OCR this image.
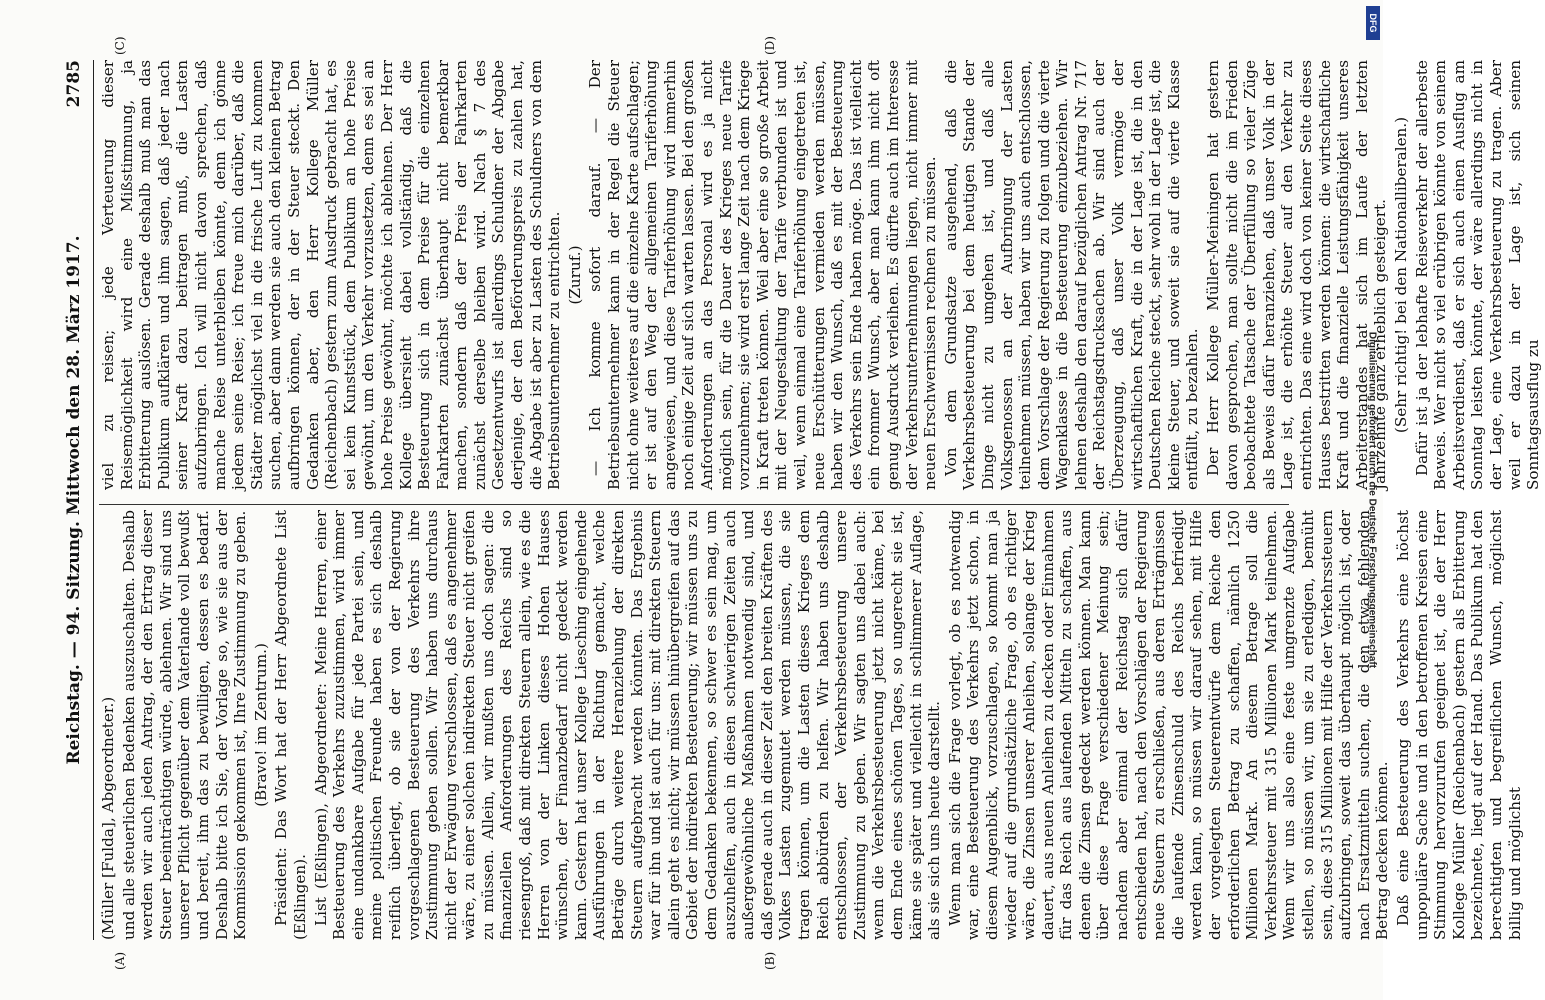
Reichstag. — 94. Sitzung. Mittwoch den 28. März 1917.
2785
(A)	(B)
(C)	(D)

(Müller [Fulda], Abgeordneter.) und alle steuerlichen Bedenken auszuschalten. Deshalb werden wir auch jeden Antrag, der den Ertrag dieser Steuer beeinträchtigen würde, ablehnen. Wir sind uns unserer Pflicht gegenüber dem Vaterlande voll bewußt und bereit, ihm das zu bewilligen, dessen es bedarf. Deshalb bitte ich Sie, der Vorlage so, wie sie aus der Kommission gekommen ist, Ihre Zustimmung zu geben. (Bravo! im Zentrum.) Präsident: Das Wort hat der Herr Abgeordnete List (Eßlingen). List (Eßlingen), Abgeordneter: Meine Herren, einer Besteuerung des Verkehrs zuzustimmen, wird immer eine undankbare Aufgabe für jede Partei sein, und meine politischen Freunde haben es sich deshalb reiflich überlegt, ob sie der von der Regierung vorgeschlagenen Besteuerung des Verkehrs ihre Zustimmung geben sollen. Wir haben uns durchaus nicht der Erwägung verschlossen, daß es angenehmer wäre, zu einer solchen indirekten Steuer nicht greifen zu müssen. Allein, wir mußten uns doch sagen: die finanziellen Anforderungen des Reichs sind so riesengroß, daß mit direkten Steuern allein, wie es die Herren von der Linken dieses Hohen Hauses wünschen, der Finanzbedarf nicht gedeckt werden kann. Gestern hat unser Kollege Liesching eingehende Ausführungen in der Richtung gemacht, welche Beträge durch weitere Heranziehung der direkten Steuern aufgebracht werden könnten. Das Ergebnis war für ihn und ist auch für uns: mit direkten Steuern allein geht es nicht; wir müssen hinübergreifen auf das Gebiet der indirekten Besteuerung; wir müssen uns zu dem Gedanken bekennen, so schwer es sein mag, um auszuhelfen, auch in diesen schwierigen Zeiten auch außergewöhnliche Maßnahmen notwendig sind, und daß gerade auch in dieser Zeit den breiten Kräften des Volkes Lasten zugemutet werden müssen, die sie tragen können, um die Lasten dieses Krieges dem Reich abbürden zu helfen. Wir haben uns deshalb entschlossen, der Verkehrsbesteuerung unsere Zustimmung zu geben. Wir sagten uns dabei auch: wenn die Verkehrsbesteuerung jetzt nicht käme, bei dem Ende eines schönen Tages, so ungerecht sie ist, käme sie später und vielleicht in schlimmerer Auflage, als sie sich uns heute darstellt. Wenn man sich die Frage vorlegt, ob es notwendig war, eine Besteuerung des Verkehrs jetzt schon, in diesem Augenblick, vorzuschlagen, so kommt man ja wieder auf die grundsätzliche Frage, ob es richtiger wäre, die Zinsen unserer Anleihen, solange der Krieg dauert, aus neuen Anleihen zu decken oder Einnahmen für das Reich aus laufenden Mitteln zu schaffen, aus denen die Zinsen gedeckt werden können. Man kann über diese Frage verschiedener Meinung sein; nachdem aber einmal der Reichstag sich dafür entschieden hat, nach den Vorschlägen der Regierung neue Steuern zu erschließen, aus deren Erträgnissen die laufende Zinsenschuld des Reichs befriedigt werden kann, so müssen wir darauf sehen, mit Hilfe der vorgelegten Steuerentwürfe dem Reiche den erforderlichen Betrag zu schaffen, nämlich 1250 Millionen Mark. An diesem Betrage soll die Verkehrssteuer mit 315 Millionen Mark teilnehmen. Wenn wir uns also eine feste umgrenzte Aufgabe stellen, so müssen wir, um sie zu erledigen, bemüht sein, diese 315 Millionen mit Hilfe der Verkehrssteuern aufzubringen, soweit das überhaupt möglich ist, oder nach Ersatzmitteln suchen, die den etwa fehlenden Betrag decken können. Daß eine Besteuerung des Verkehrs eine höchst unpopuläre Sache und in den betroffenen Kreisen eine Stimmung hervorzurufen geeignet ist, die der Herr Kollege Müller (Reichenbach) gestern als Erbitterung bezeichnete, liegt auf der Hand. Das Publikum hat den berechtigten und begreiflichen Wunsch, möglichst billig und möglichst

viel zu reisen; jede Verteuerung dieser Reisemöglichkeit wird eine Mißstimmung, ja Erbitterung auslösen. Gerade deshalb muß man das Publikum aufklären und ihm sagen, daß jeder nach seiner Kraft dazu beitragen muß, die Lasten aufzubringen. Ich will nicht davon sprechen, daß manche Reise unterbleiben könnte, denn ich gönne jedem seine Reise; ich freue mich darüber, daß die Städter möglichst viel in die frische Luft zu kommen suchen, aber dann werden sie auch den kleinen Betrag aufbringen können, der in der Steuer steckt. Den Gedanken aber, den Herr Kollege Müller (Reichenbach) gestern zum Ausdruck gebracht hat, es sei kein Kunststück, dem Publikum an hohe Preise gewöhnt, um den Verkehr vorzusetzen, denn es sei an hohe Preise gewöhnt, möchte ich ablehnen. Der Herr Kollege übersieht dabei vollständig, daß die Besteuerung sich in dem Preise für die einzelnen Fahrkarten zunächst überhaupt nicht bemerkbar machen, sondern daß der Preis der Fahrkarten zunächst derselbe bleiben wird. Nach § 7 des Gesetzentwurfs ist allerdings Schuldner der Abgabe derjenige, der den Beförderungspreis zu zahlen hat, die Abgabe ist aber zu Lasten des Schuldners von dem Betriebsunternehmer zu entrichten. (Zuruf.) — Ich komme sofort darauf. — Der Betriebsunternehmer kann in der Regel die Steuer nicht ohne weiteres auf die einzelne Karte aufschlagen; er ist auf den Weg der allgemeinen Tariferhöhung angewiesen, und diese Tariferhöhung wird immerhin noch einige Zeit auf sich warten lassen. Bei den großen Anforderungen an das Personal wird es ja nicht möglich sein, für die Dauer des Krieges neue Tarife vorzunehmen; sie wird erst lange Zeit nach dem Kriege in Kraft treten können. Weil aber eine so große Arbeit mit der Neugestaltung der Tarife verbunden ist und weil, wenn einmal eine Tariferhöhung eingetreten ist, neue Erschütterungen vermieden werden müssen, haben wir den Wunsch, daß es mit der Besteuerung des Verkehrs sein Ende haben möge. Das ist vielleicht ein frommer Wunsch, aber man kann ihm nicht oft genug Ausdruck verleihen. Es dürfte auch im Interesse der Verkehrsunternehmungen liegen, nicht immer mit neuen Erschwernissen rechnen zu müssen. Von dem Grundsatze ausgehend, daß die Verkehrsbesteuerung bei dem heutigen Stande der Dinge nicht zu umgehen ist, und daß alle Volksgenossen an der Aufbringung der Lasten teilnehmen müssen, haben wir uns auch entschlossen, dem Vorschlage der Regierung zu folgen und die vierte Wagenklasse in die Besteuerung einzubeziehen. Wir lehnen deshalb den darauf bezüglichen Antrag Nr. 717 der Reichstagsdrucksachen ab. Wir sind auch der Überzeugung, daß unser Volk vermöge der wirtschaftlichen Kraft, die in der Lage ist, die in den Deutschen Reiche steckt, sehr wohl in der Lage ist, die kleine Steuer, und soweit sie auf die vierte Klasse entfällt, zu bezahlen. Der Herr Kollege Müller-Meiningen hat gestern davon gesprochen, man sollte nicht die im Frieden beobachtete Tatsache der Überfüllung so vieler Züge als Beweis dafür heranziehen, daß unser Volk in der Lage ist, die erhöhte Steuer auf den Verkehr zu entrichten. Das eine wird doch von keiner Seite dieses Hauses bestritten werden können: die wirtschaftliche Kraft und die finanzielle Leistungsfähigkeit unseres Arbeiterstandes hat sich im Laufe der letzten Jahrzehnte ganz erheblich gesteigert. (Sehr richtig! bei den Nationalliberalen.) Dafür ist ja der lebhafte Reiseverkehr der allerbeste Beweis. Wer nicht so viel erübrigen könnte von seinem Arbeitsverdienst, daß er sich auch einen Ausflug am Sonntag leisten könnte, der wäre allerdings nicht in der Lage, eine Verkehrsbesteuerung zu tragen. Aber weil er dazu in der Lage ist, sich seinen Sonntagsausflug zu

DFG
Digitalisierung gefördert durch die Deutsche Forschungsgemeinschaft
